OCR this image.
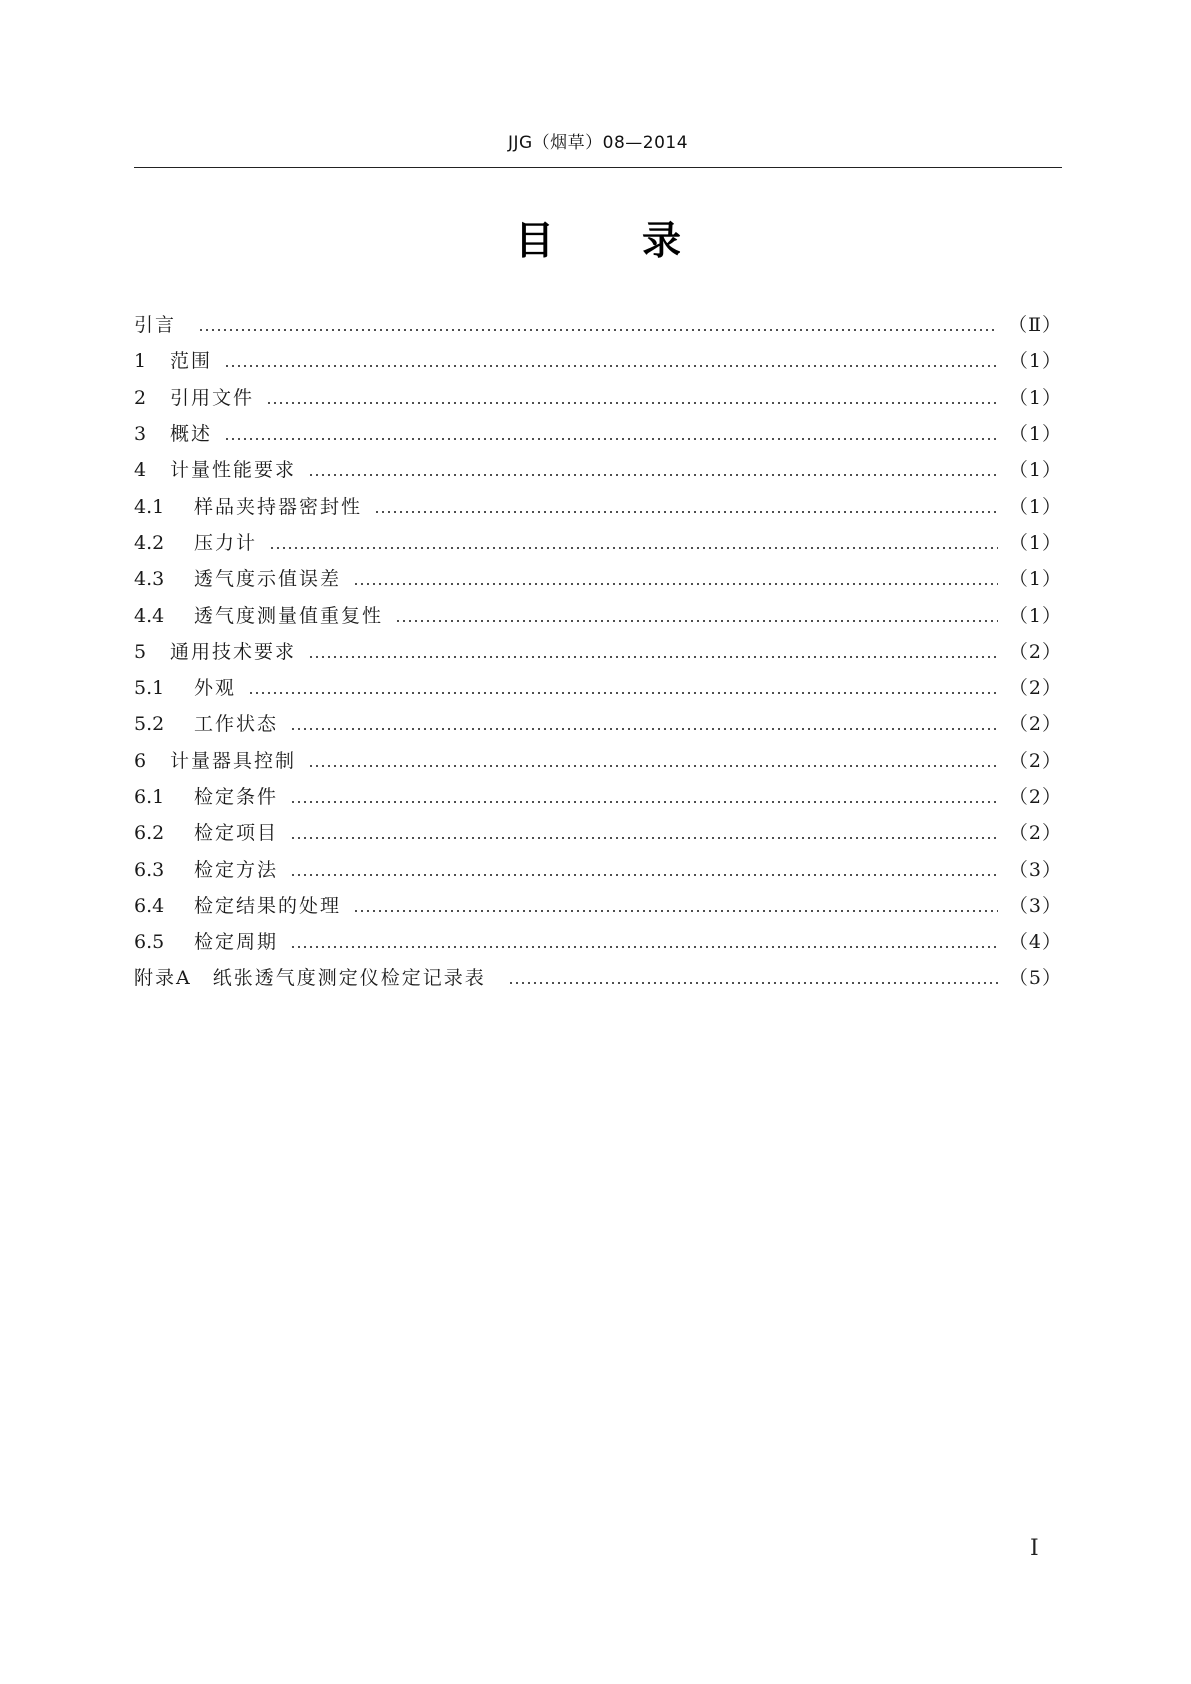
JJG（烟草）08—2014
目录
引言	（Ⅱ）
1	范围	（1）
2	引用文件	（1）
3	概述	（1）
4	计量性能要求	（1）
4.1	样品夹持器密封性	（1）
4.2	压力计	（1）
4.3	透气度示值误差	（1）
4.4	透气度测量值重复性	（1）
5	通用技术要求	（2）
5.1	外观	（2）
5.2	工作状态	（2）
6	计量器具控制	（2）
6.1	检定条件	（2）
6.2	检定项目	（2）
6.3	检定方法	（3）
6.4	检定结果的处理	（3）
6.5	检定周期	（4）
附录A　纸张透气度测定仪检定记录表	（5）
Ⅰ
